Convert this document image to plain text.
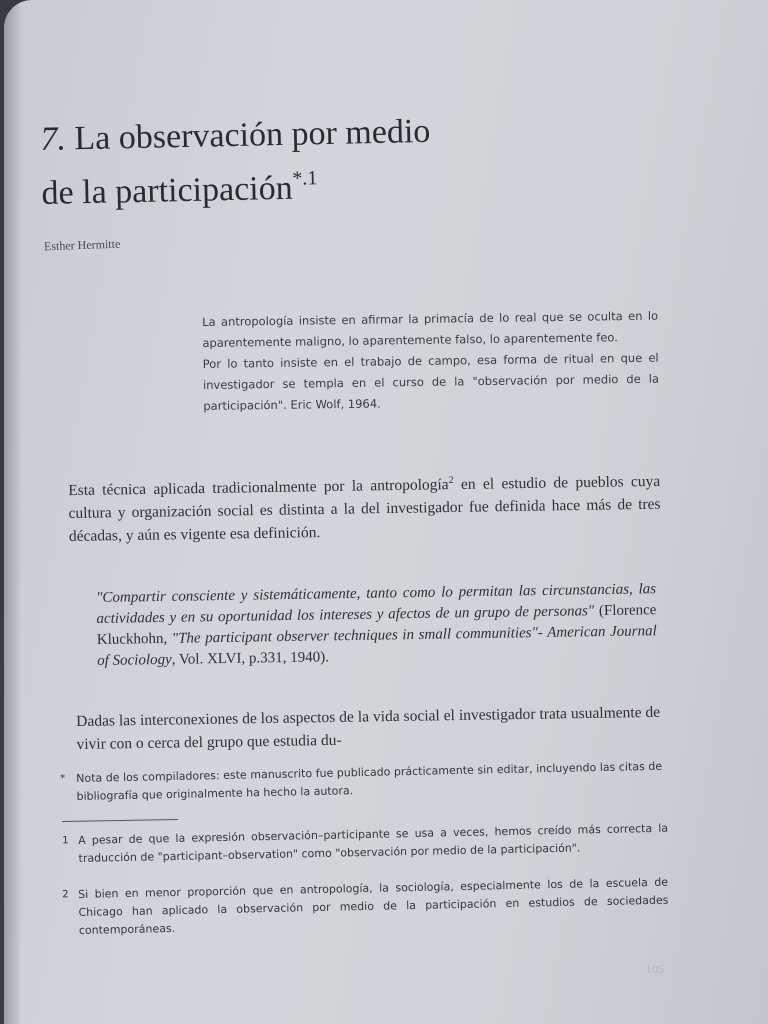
7. La observación por medio
de la participación$^{*.1}$
Esther Hermitte

La antropología insiste en afirmar la primacía de lo real que se oculta en lo aparentemente maligno, lo aparentemente falso, lo aparentemente feo.

Por lo tanto insiste en el trabajo de campo, esa forma de ritual en que el investigador se templa en el curso de la "observación por medio de la participación". Eric Wolf, 1964.

Esta técnica aplicada tradicionalmente por la antropología$^2$ en el estudio de pueblos cuya cultura y organización social es distinta a la del investigador fue definida hace más de tres décadas, y aún es vigente esa definición.

"Compartir consciente y sistemáticamente, tanto como lo permitan las circunstancias, las actividades y en su oportunidad los intereses y afectos de un grupo de personas" (Florence Kluckhohn, "The participant observer techniques in small communities"- American Journal of Sociology, Vol. XLVI, p.331, 1940).

Dadas las interconexiones de los aspectos de la vida social el investigador trata usualmente de vivir con o cerca del grupo que estudia du-

* Nota de los compiladores: este manuscrito fue publicado prácticamente sin editar, incluyendo las citas de bibliografía que originalmente ha hecho la autora.

1 A pesar de que la expresión observación–participante se usa a veces, hemos creído más correcta la traducción de "participant–observation" como "observación por medio de la participación".

2 Si bien en menor proporción que en antropología, la sociología, especialmente los de la escuela de Chicago han aplicado la observación por medio de la participación en estudios de sociedades contemporáneas.

105
